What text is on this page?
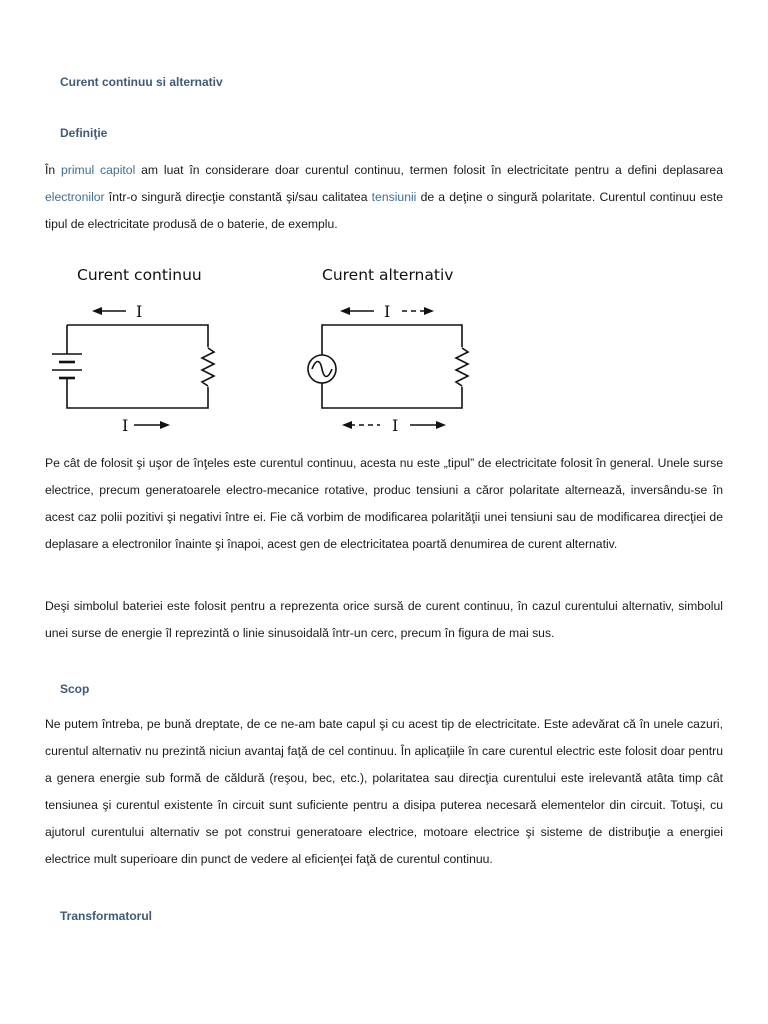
Curent continuu si alternativ
Definiţie

În primul capitol am luat în considerare doar curentul continuu, termen folosit în electricitate pentru a defini deplasarea electronilor într-o singură direcţie constantă şi/sau calitatea tensiunii de a deţine o singură polaritate. Curentul continuu este tipul de electricitate produsă de o baterie, de exemplu.

Curent continuu
I
I
Curent alternativ
I
I

Pe cât de folosit şi uşor de înţeles este curentul continuu, acesta nu este „tipul” de electricitate folosit în general. Unele surse electrice, precum generatoarele electro-mecanice rotative, produc tensiuni a căror polaritate alternează, inversându-se în acest caz polii pozitivi şi negativi între ei. Fie că vorbim de modificarea polarităţii unei tensiuni sau de modificarea direcţiei de deplasare a electronilor înainte şi înapoi, acest gen de electricitatea poartă denumirea de curent alternativ.

Deşi simbolul bateriei este folosit pentru a reprezenta orice sursă de curent continuu, în cazul curentului alternativ, simbolul unei surse de energie îl reprezintă o linie sinusoidală într-un cerc, precum în figura de mai sus.

Scop

Ne putem întreba, pe bună dreptate, de ce ne-am bate capul şi cu acest tip de electricitate. Este adevărat că în unele cazuri, curentul alternativ nu prezintă niciun avantaj faţă de cel continuu. În aplicaţiile în care curentul electric este folosit doar pentru a genera energie sub formă de căldură (reşou, bec, etc.), polaritatea sau direcţia curentului este irelevantă atâta timp cât tensiunea şi curentul existente în circuit sunt suficiente pentru a disipa puterea necesară elementelor din circuit. Totuşi, cu ajutorul curentului alternativ se pot construi generatoare electrice, motoare electrice şi sisteme de distribuţie a energiei electrice mult superioare din punct de vedere al eficienţei faţă de curentul continuu.

Transformatorul
